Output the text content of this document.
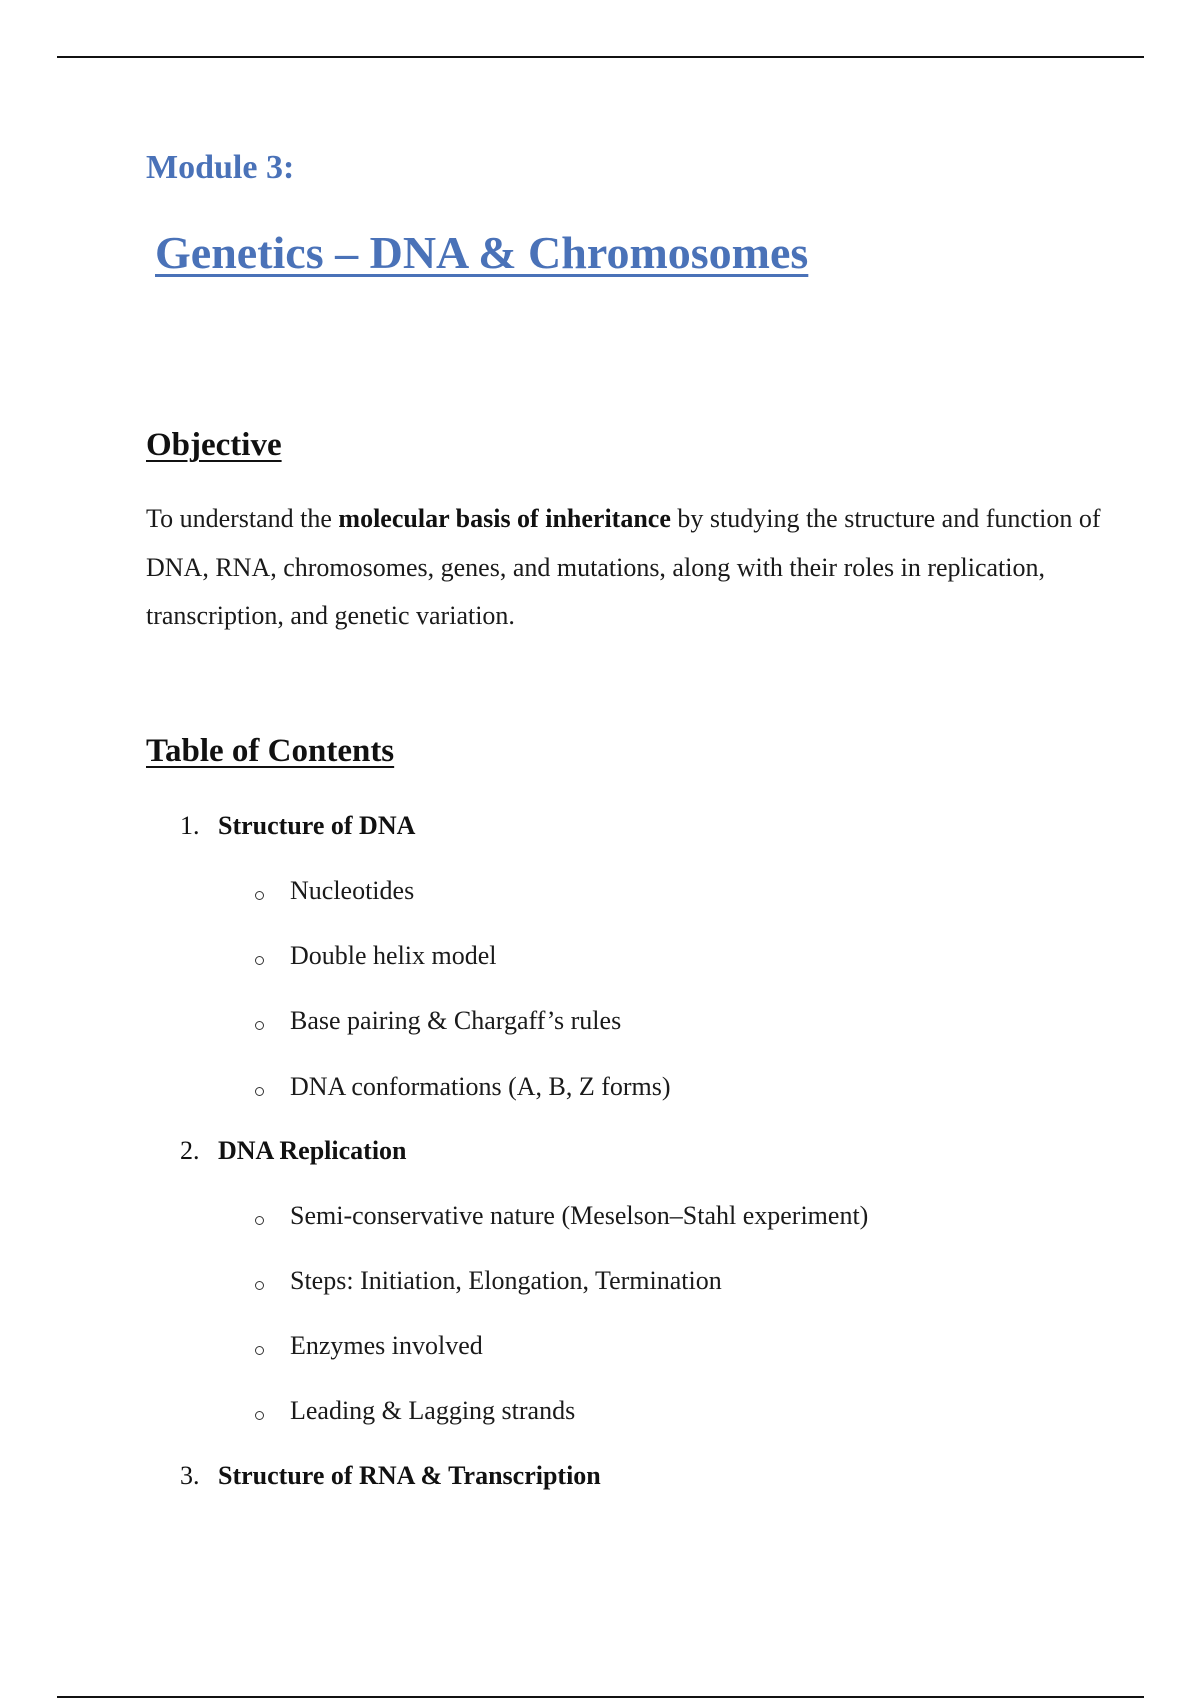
Module 3:
Genetics – DNA & Chromosomes
Objective

To understand the molecular basis of inheritance by studying the structure and function of DNA, RNA, chromosomes, genes, and mutations, along with their roles in replication, transcription, and genetic variation.

Table of Contents
1. Structure of DNA
Nucleotides
Double helix model
Base pairing & Chargaff’s rules
DNA conformations (A, B, Z forms)
2. DNA Replication
Semi-conservative nature (Meselson–Stahl experiment)
Steps: Initiation, Elongation, Termination
Enzymes involved
Leading & Lagging strands
3. Structure of RNA & Transcription
